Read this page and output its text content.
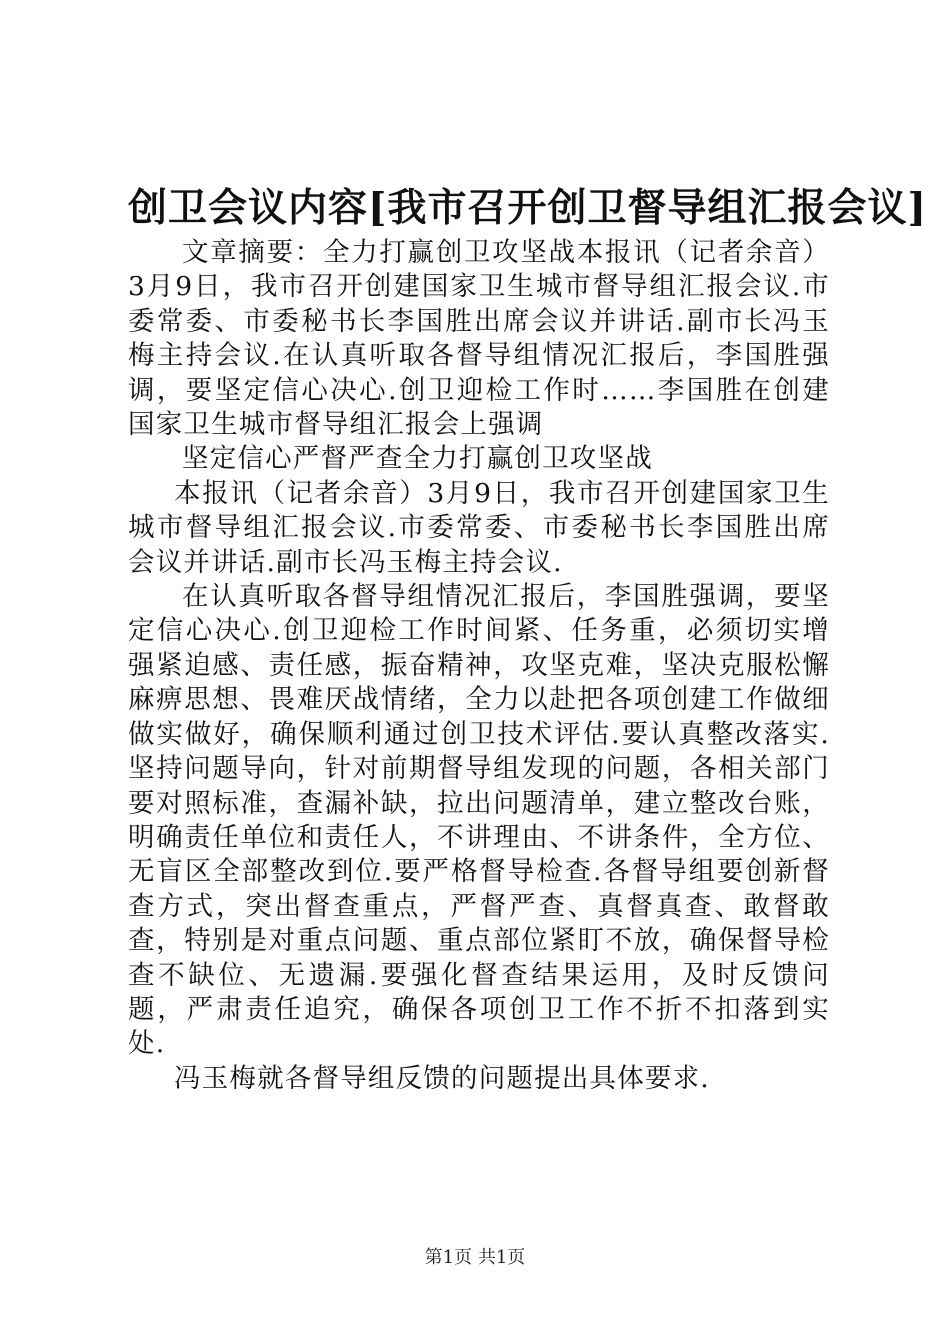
创卫会议内容[我市召开创卫督导组汇报会议]

文章摘要：全力打赢创卫攻坚战本报讯（记者余音）3月9日，我市召开创建国家卫生城市督导组汇报会议.市委常委、市委秘书长李国胜出席会议并讲话.副市长冯玉梅主持会议.在认真听取各督导组情况汇报后，李国胜强调，要坚定信心决心.创卫迎检工作时……李国胜在创建国家卫生城市督导组汇报会上强调

坚定信心严督严查全力打赢创卫攻坚战

本报讯（记者余音）3月9日，我市召开创建国家卫生城市督导组汇报会议.市委常委、市委秘书长李国胜出席会议并讲话.副市长冯玉梅主持会议.

在认真听取各督导组情况汇报后，李国胜强调，要坚定信心决心.创卫迎检工作时间紧、任务重，必须切实增强紧迫感、责任感，振奋精神，攻坚克难，坚决克服松懈麻痹思想、畏难厌战情绪，全力以赴把各项创建工作做细做实做好，确保顺利通过创卫技术评估.要认真整改落实.坚持问题导向，针对前期督导组发现的问题，各相关部门要对照标准，查漏补缺，拉出问题清单，建立整改台账，明确责任单位和责任人，不讲理由、不讲条件，全方位、无盲区全部整改到位.要严格督导检查.各督导组要创新督查方式，突出督查重点，严督严查、真督真查、敢督敢查，特别是对重点问题、重点部位紧盯不放，确保督导检查不缺位、无遗漏.要强化督查结果运用，及时反馈问题，严肃责任追究，确保各项创卫工作不折不扣落到实处.

冯玉梅就各督导组反馈的问题提出具体要求.

第1页 共1页
